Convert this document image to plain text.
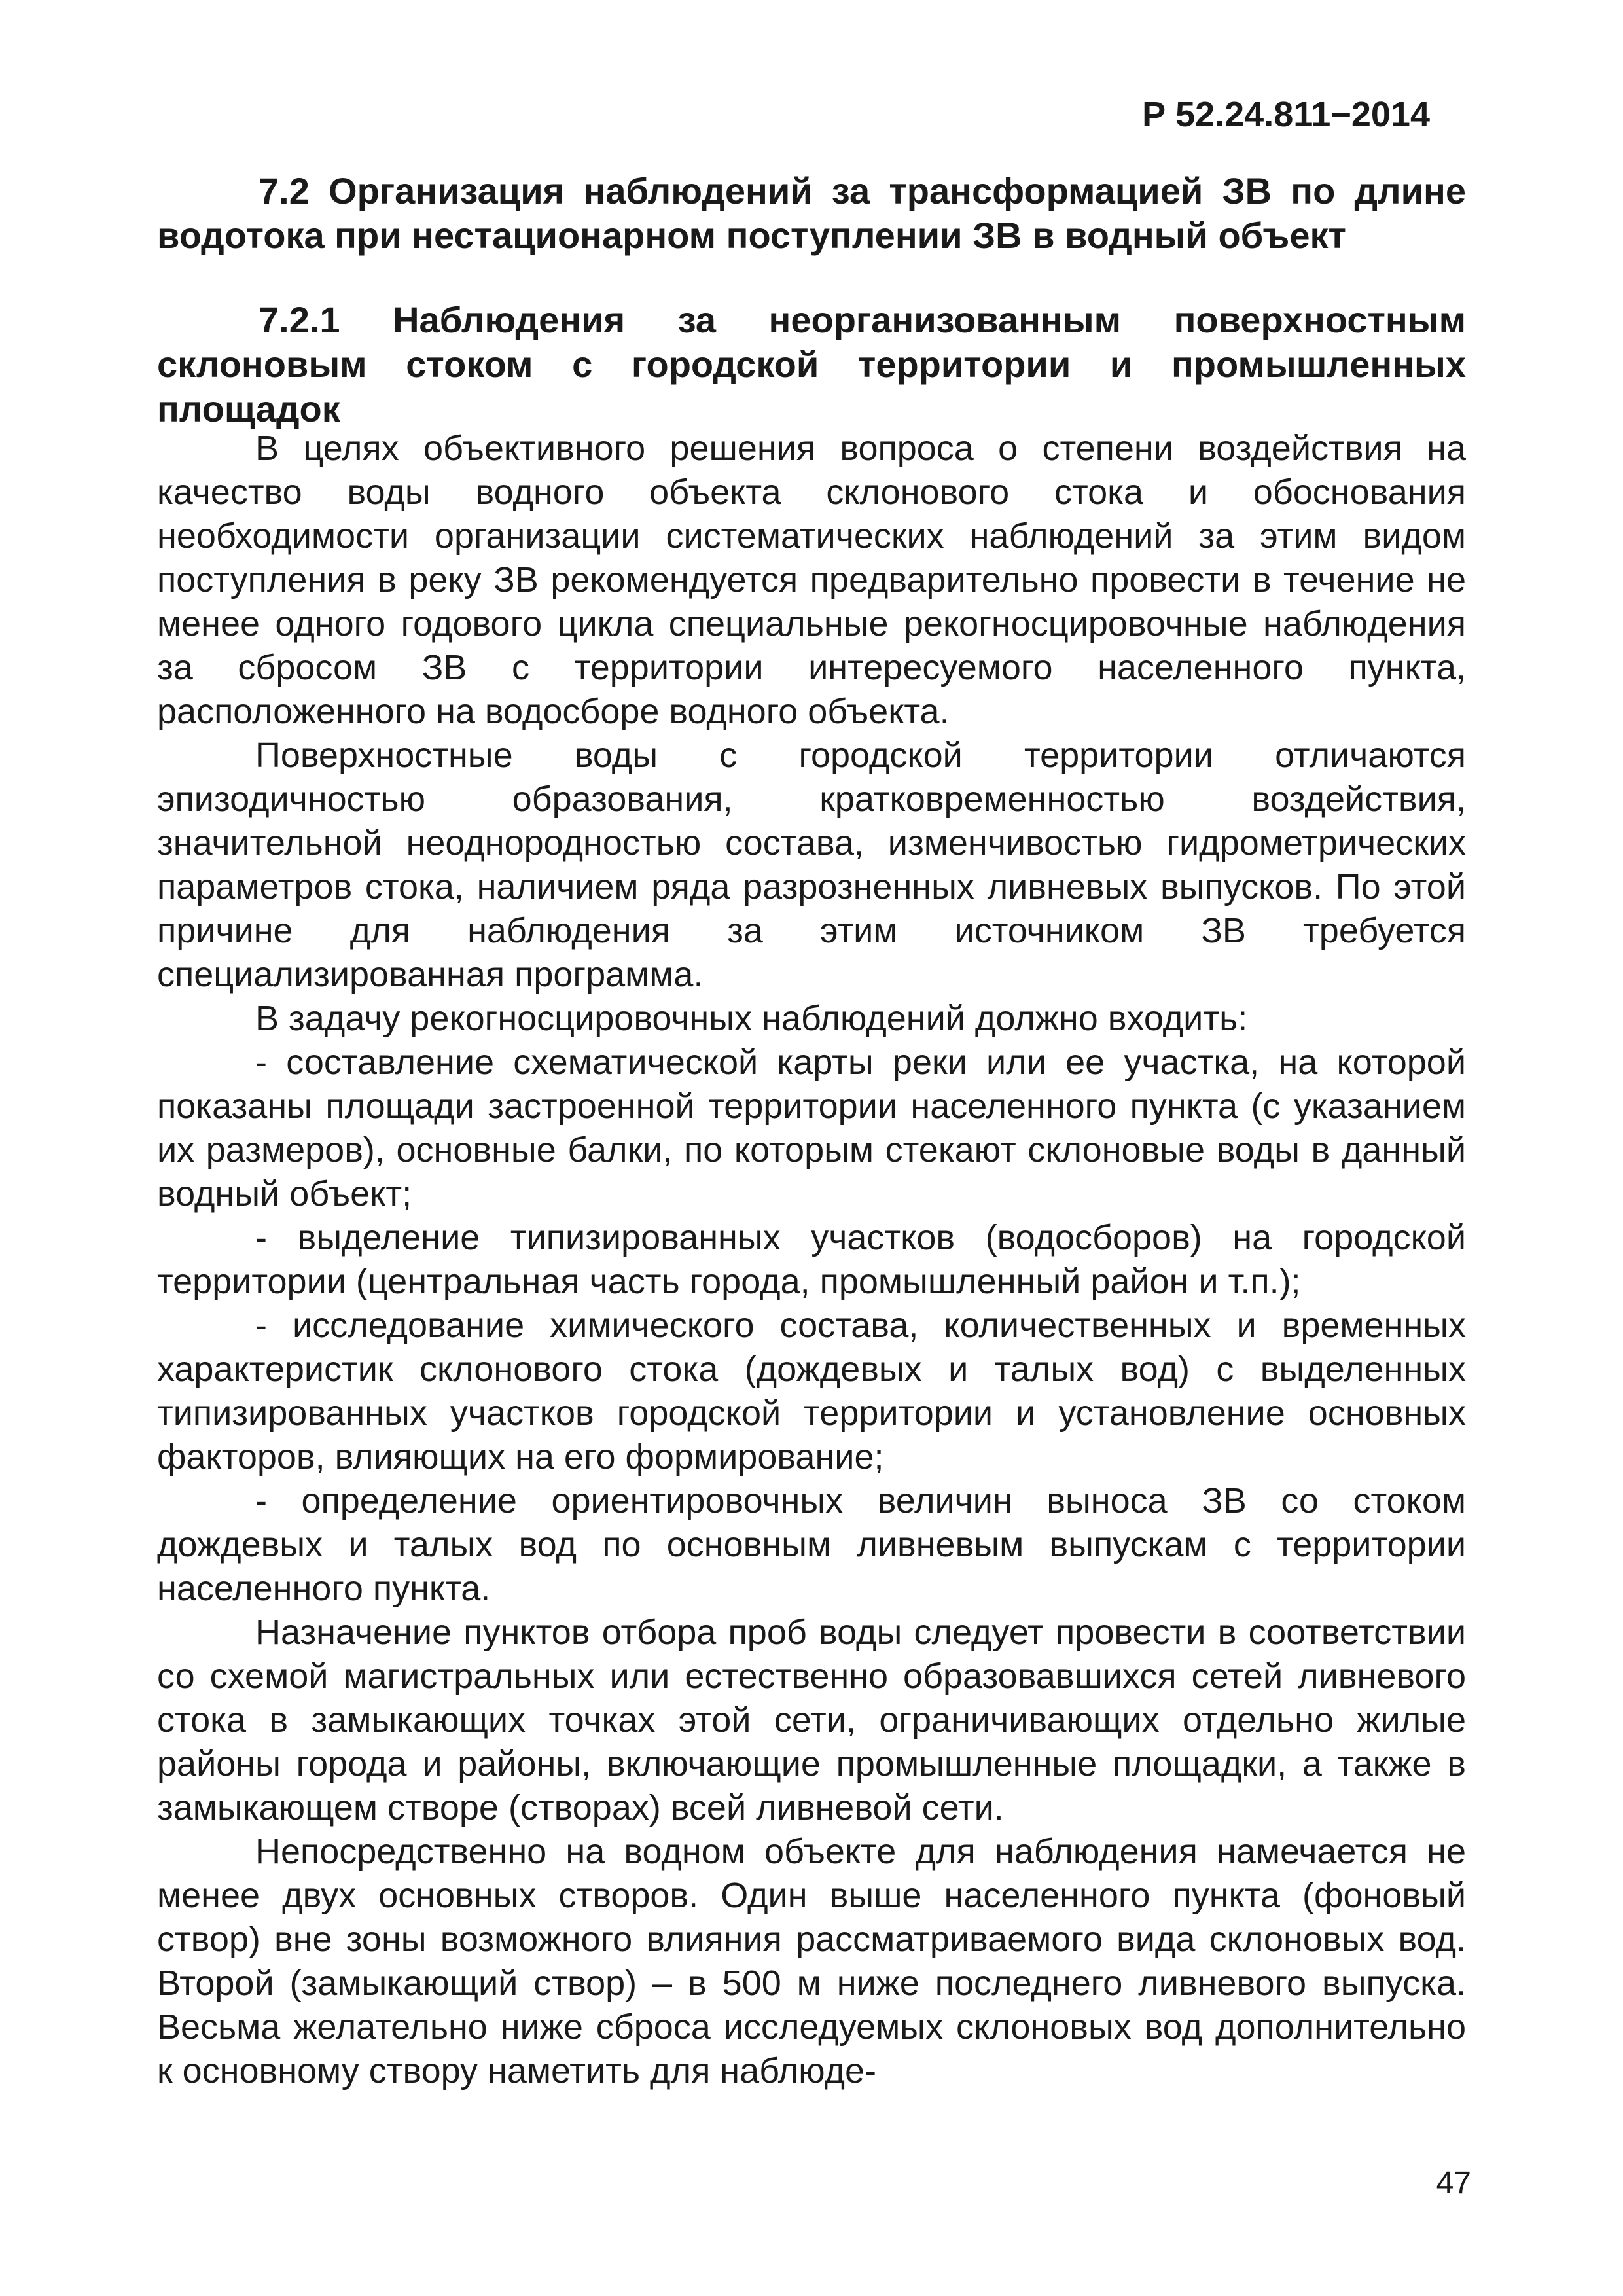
Р 52.24.811−2014
7.2 Организация наблюдений за трансформацией ЗВ по длине водотока при нестационарном поступлении ЗВ в водный объект
7.2.1 Наблюдения за неорганизованным поверхностным склоновым стоком с городской территории и промышленных площадок

В целях объективного решения вопроса о степени воздействия на качество воды водного объекта склонового стока и обоснования необходимости организации систематических наблюдений за этим видом поступления в реку ЗВ рекомендуется предварительно провести в течение не менее одного годового цикла специальные рекогносцировочные наблюдения за сбросом ЗВ с территории интересуемого населенного пункта, расположенного на водосборе водного объекта.

Поверхностные воды с городской территории отличаются эпизодичностью образования, кратковременностью воздействия, значительной неоднородностью состава, изменчивостью гидрометрических параметров стока, наличием ряда разрозненных ливневых выпусков. По этой причине для наблюдения за этим источником ЗВ требуется специализированная программа.

В задачу рекогносцировочных наблюдений должно входить:

- составление схематической карты реки или ее участка, на которой показаны площади застроенной территории населенного пункта (с указанием их размеров), основные балки, по которым стекают склоновые воды в данный водный объект;

- выделение типизированных участков (водосборов) на городской территории (центральная часть города, промышленный район и т.п.);

- исследование химического состава, количественных и временных характеристик склонового стока (дождевых и талых вод) с выделенных типизированных участков городской территории и установление основных факторов, влияющих на его формирование;

- определение ориентировочных величин выноса ЗВ со стоком дождевых и талых вод по основным ливневым выпускам с территории населенного пункта.

Назначение пунктов отбора проб воды следует провести в соответствии со схемой магистральных или естественно образовавшихся сетей ливневого стока в замыкающих точках этой сети, ограничивающих отдельно жилые районы города и районы, включающие промышленные площадки, а также в замыкающем створе (створах) всей ливневой сети.

Непосредственно на водном объекте для наблюдения намечается не менее двух основных створов. Один выше населенного пункта (фоновый створ) вне зоны возможного влияния рассматриваемого вида склоновых вод. Второй (замыкающий створ) – в 500 м ниже последнего ливневого выпуска. Весьма желательно ниже сброса исследуемых склоновых вод дополнительно к основному створу наметить для наблюде-

47
